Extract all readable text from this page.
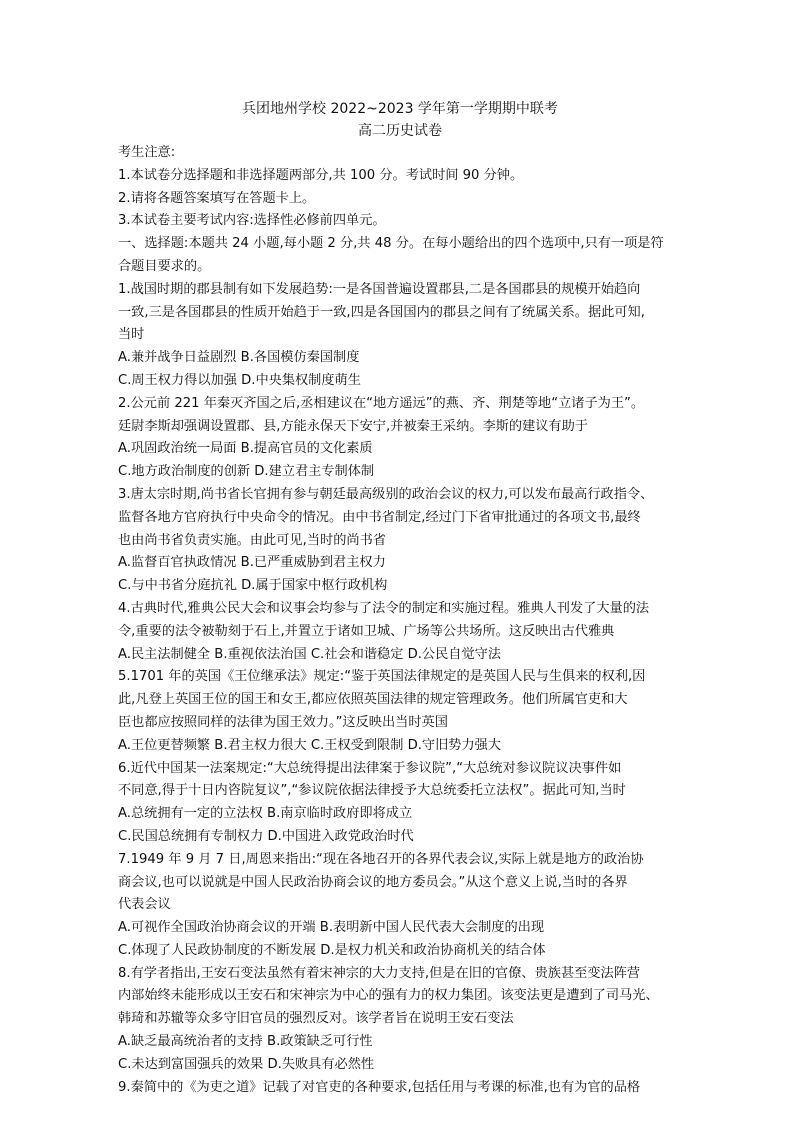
兵团地州学校 2022~2023 学年第一学期期中联考
高二历史试卷
考生注意:
1.本试卷分选择题和非选择题两部分,共 100 分。考试时间 90 分钟。
2.请将各题答案填写在答题卡上。
3.本试卷主要考试内容:选择性必修前四单元。
一、选择题:本题共 24 小题,每小题 2 分,共 48 分。在每小题给出的四个选项中,只有一项是符
合题目要求的。
1.战国时期的郡县制有如下发展趋势:一是各国普遍设置郡县,二是各国郡县的规模开始趋向
一致,三是各国郡县的性质开始趋于一致,四是各国国内的郡县之间有了统属关系。据此可知,
当时
A.兼并战争日益剧烈 B.各国模仿秦国制度
C.周王权力得以加强 D.中央集权制度萌生
2.公元前 221 年秦灭齐国之后,丞相建议在“地方遥远”的燕、齐、荆楚等地“立诸子为王”。
廷尉李斯却强调设置郡、县,方能永保天下安宁,并被秦王采纳。李斯的建议有助于
A.巩固政治统一局面 B.提高官员的文化素质
C.地方政治制度的创新 D.建立君主专制体制
3.唐太宗时期,尚书省长官拥有参与朝廷最高级别的政治会议的权力,可以发布最高行政指令、
监督各地方官府执行中央命令的情况。由中书省制定,经过门下省审批通过的各项文书,最终
也由尚书省负责实施。由此可见,当时的尚书省
A.监督百官执政情况 B.已严重威胁到君主权力
C.与中书省分庭抗礼 D.属于国家中枢行政机构
4.古典时代,雅典公民大会和议事会均参与了法令的制定和实施过程。雅典人刊发了大量的法
令,重要的法令被勒刻于石上,并置立于诸如卫城、广场等公共场所。这反映出古代雅典
A.民主法制健全 B.重视依法治国 C.社会和谐稳定 D.公民自觉守法
5.1701 年的英国《王位继承法》规定:“鉴于英国法律规定的是英国人民与生俱来的权利,因
此,凡登上英国王位的国王和女王,都应依照英国法律的规定管理政务。他们所属官吏和大
臣也都应按照同样的法律为国王效力。”这反映出当时英国
A.王位更替频繁 B.君主权力很大 C.王权受到限制 D.守旧势力强大
6.近代中国某一法案规定:“大总统得提出法律案于参议院”,“大总统对参议院议决事件如
不同意,得于十日内咨院复议”,“参议院依据法律授予大总统委托立法权”。据此可知,当时
A.总统拥有一定的立法权 B.南京临时政府即将成立
C.民国总统拥有专制权力 D.中国进入政党政治时代
7.1949 年 9 月 7 日,周恩来指出:“现在各地召开的各界代表会议,实际上就是地方的政治协
商会议,也可以说就是中国人民政治协商会议的地方委员会。”从这个意义上说,当时的各界
代表会议
A.可视作全国政治协商会议的开端 B.表明新中国人民代表大会制度的出现
C.体现了人民政协制度的不断发展 D.是权力机关和政治协商机关的结合体
8.有学者指出,王安石变法虽然有着宋神宗的大力支持,但是在旧的官僚、贵族甚至变法阵营
内部始终未能形成以王安石和宋神宗为中心的强有力的权力集团。该变法更是遭到了司马光、
韩琦和苏辙等众多守旧官员的强烈反对。该学者旨在说明王安石变法
A.缺乏最高统治者的支持 B.政策缺乏可行性
C.未达到富国强兵的效果 D.失败具有必然性
9.秦简中的《为吏之道》记载了对官吏的各种要求,包括任用与考课的标准,也有为官的品格
